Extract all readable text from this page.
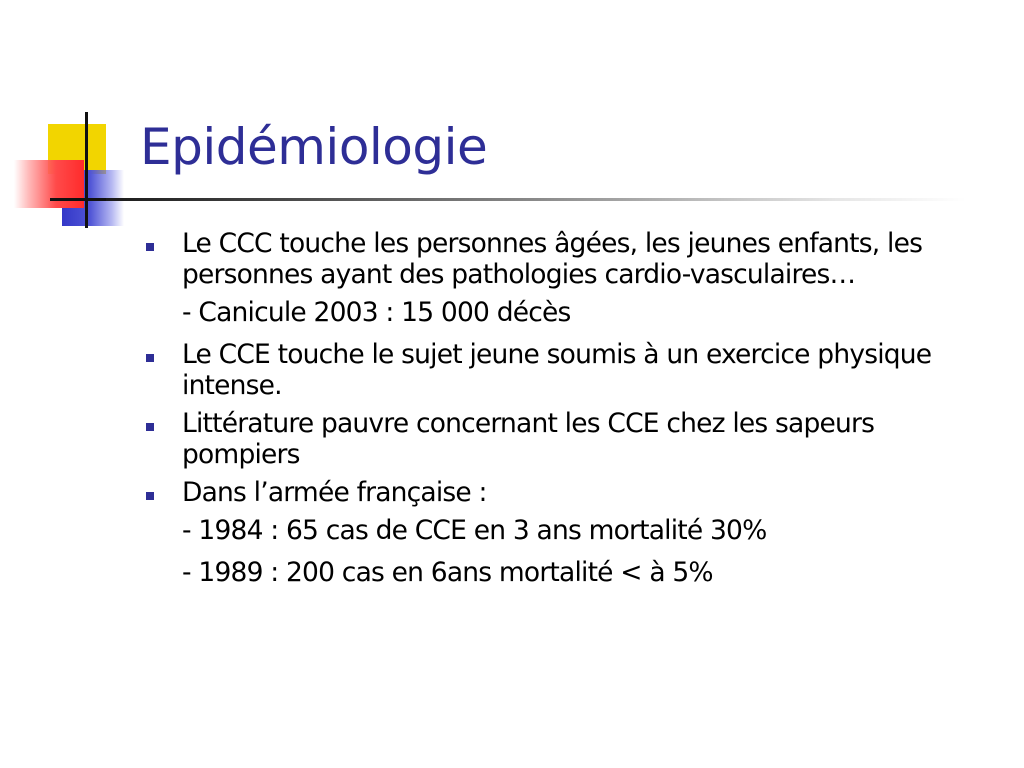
Epidémiologie
Le CCC touche les personnes âgées, les jeunes enfants, les personnes ayant des pathologies cardio-vasculaires…
- Canicule 2003 : 15 000 décès
Le CCE touche le sujet jeune soumis à un exercice physique intense.
Littérature pauvre concernant les CCE chez les sapeurs pompiers
Dans l’armée française :
- 1984 : 65 cas de CCE en 3 ans mortalité 30%
- 1989 : 200 cas en 6ans mortalité < à 5%
